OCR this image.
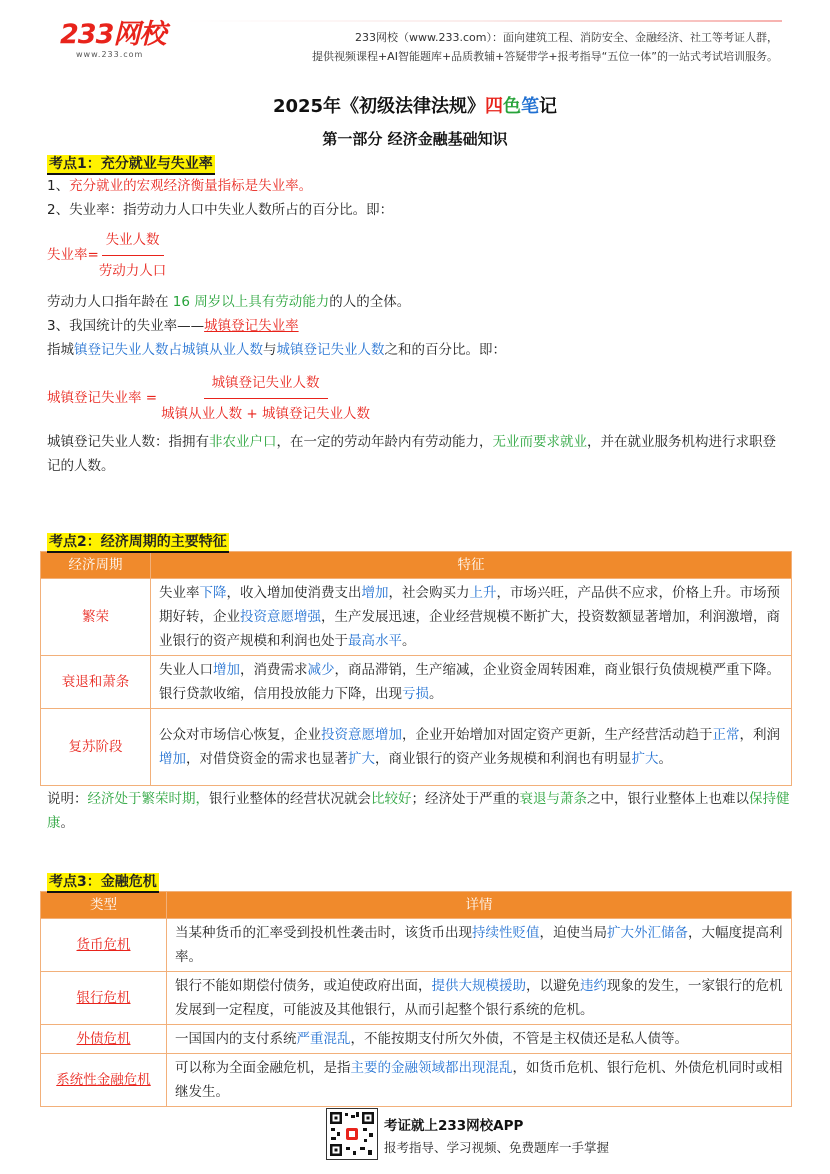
233网校
www.233.com
233网校（www.233.com）：面向建筑工程、消防安全、金融经济、社工等考证人群，
提供视频课程+AI智能题库+品质教辅+答疑带学+报考指导“五位一体”的一站式考试培训服务。
2025年《初级法律法规》四色笔记
第一部分 经济金融基础知识
考点1：充分就业与失业率
1、充分就业的宏观经济衡量指标是失业率。
2、失业率：指劳动力人口中失业人数所占的百分比。即：
失业率= $\frac{\text{失业人数}}{\text{劳动力人口}}$
劳动力人口指年龄在 16 周岁以上具有劳动能力的人的全体。
3、我国统计的失业率——城镇登记失业率
指城镇登记失业人数占城镇从业人数与城镇登记失业人数之和的百分比。即：
城镇登记失业率 = $\frac{\text{城镇登记失业人数}}{\text{城镇从业人数 + 城镇登记失业人数}}$
城镇登记失业人数：指拥有非农业户口，在一定的劳动年龄内有劳动能力，无业而要求就业，并在就业服务机构进行求职登记的人数。
考点2：经济周期的主要特征
经济周期	特征
繁荣	失业率下降，收入增加使消费支出增加，社会购买力上升，市场兴旺，产品供不应求，价格上升。市场预期好转，企业投资意愿增强，生产发展迅速，企业经营规模不断扩大，投资数额显著增加，利润激增，商业银行的资产规模和利润也处于最高水平。
衰退和萧条	失业人口增加，消费需求减少，商品滞销，生产缩减，企业资金周转困难，商业银行负债规模严重下降。银行贷款收缩，信用投放能力下降，出现亏损。
复苏阶段	公众对市场信心恢复，企业投资意愿增加，企业开始增加对固定资产更新，生产经营活动趋于正常，利润增加，对借贷资金的需求也显著扩大，商业银行的资产业务规模和利润也有明显扩大。
说明：经济处于繁荣时期，银行业整体的经营状况就会比较好；经济处于严重的衰退与萧条之中，银行业整体上也难以保持健康。
考点3：金融危机
类型	详情
货币危机	当某种货币的汇率受到投机性袭击时，该货币出现持续性贬值，迫使当局扩大外汇储备，大幅度提高利率。
银行危机	银行不能如期偿付债务，或迫使政府出面，提供大规模援助，以避免违约现象的发生，一家银行的危机发展到一定程度，可能波及其他银行，从而引起整个银行系统的危机。
外债危机	一国国内的支付系统严重混乱，不能按期支付所欠外债，不管是主权债还是私人债等。
系统性金融危机	可以称为全面金融危机，是指主要的金融领域都出现混乱，如货币危机、银行危机、外债危机同时或相继发生。
考证就上233网校APP
报考指导、学习视频、免费题库一手掌握
